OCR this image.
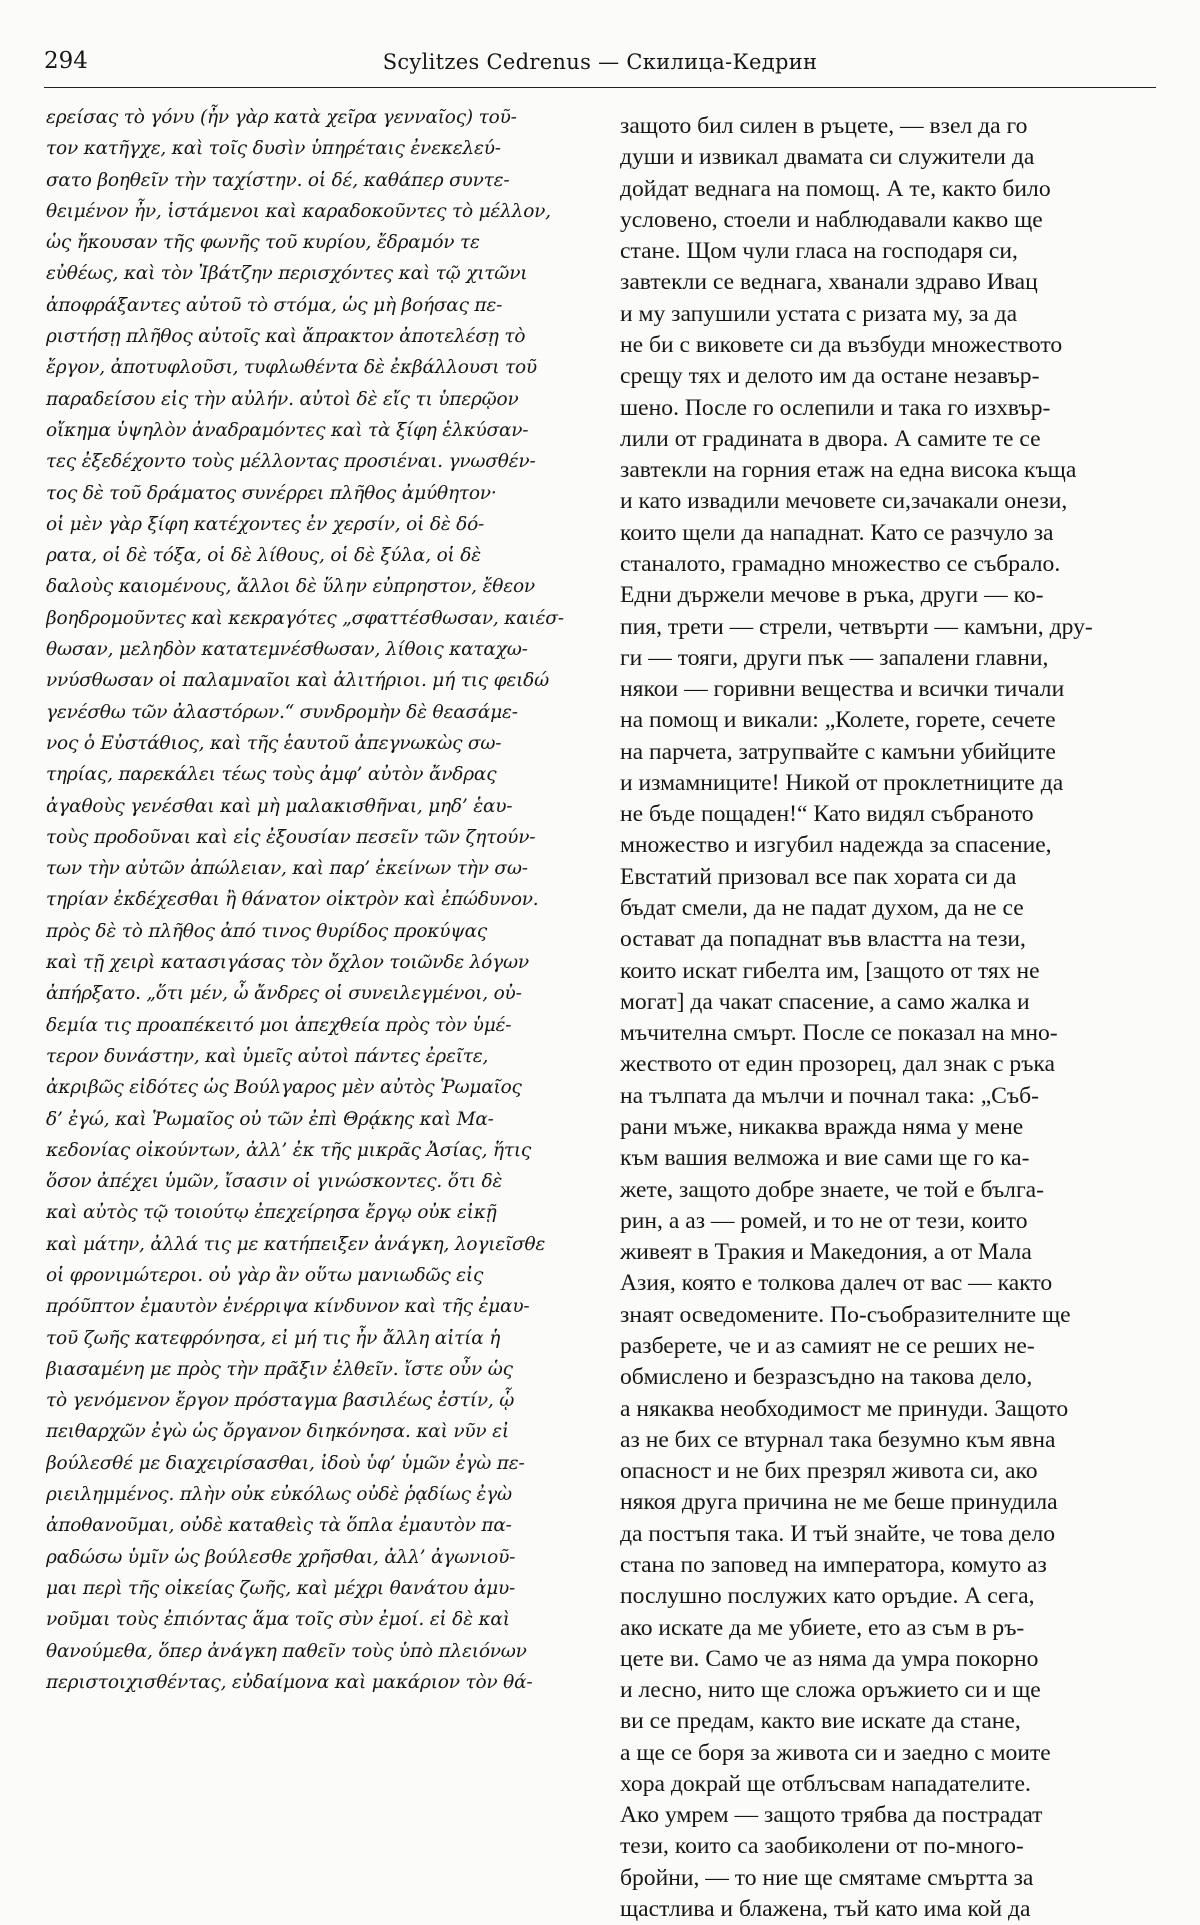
294	Scylitzes Cedrenus — Скилица-Кедрин
ερείσας τὸ γόνυ (ἦν γὰρ κατὰ χεῖρα γενναῖος) τοῦ-
τον κατῆγχε, καὶ τοῖς δυσὶν ὑπηρέταις ἐνεκελεύ-
σατο βοηθεῖν τὴν ταχίστην. οἱ δέ, καθάπερ συντε-
θειμένον ἦν, ἱστάμενοι καὶ καραδοκοῦντες τὸ μέλλον,
ὡς ἤκουσαν τῆς φωνῆς τοῦ κυρίου, ἔδραμόν τε
εὐθέως, καὶ τὸν Ἰβάτζην περισχόντες καὶ τῷ χιτῶνι
ἀποφράξαντες αὐτοῦ τὸ στόμα, ὡς μὴ βοήσας πε-
ριστήσῃ πλῆθος αὐτοῖς καὶ ἄπρακτον ἀποτελέσῃ τὸ
ἔργον, ἀποτυφλοῦσι, τυφλωθέντα δὲ ἐκβάλλουσι τοῦ
παραδείσου εἰς τὴν αὐλήν. αὐτοὶ δὲ εἴς τι ὑπερῷον
οἴκημα ὑψηλὸν ἀναδραμόντες καὶ τὰ ξίφη ἑλκύσαν-
τες ἐξεδέχοντο τοὺς μέλλοντας προσιέναι. γνωσθέν-
τος δὲ τοῦ δράματος συνέρρει πλῆθος ἀμύθητον·
οἱ μὲν γὰρ ξίφη κατέχοντες ἐν χερσίν, οἱ δὲ δό-
ρατα, οἱ δὲ τόξα, οἱ δὲ λίθους, οἱ δὲ ξύλα, οἱ δὲ
δαλοὺς καιομένους, ἄλλοι δὲ ὕλην εὐπρηστον, ἔθεον
βοηδρομοῦντες καὶ κεκραγότες „σφαττέσθωσαν, καιέσ-
θωσαν, μεληδὸν κατατεμνέσθωσαν, λίθοις καταχω-
ννύσθωσαν οἱ παλαμναῖοι καὶ ἀλιτήριοι. μή τις φειδώ
γενέσθω τῶν ἀλαστόρων.“ συνδρομὴν δὲ θεασάμε-
νος ὁ Εὐστάθιος, καὶ τῆς ἑαυτοῦ ἀπεγνωκὼς σω-
τηρίας, παρεκάλει τέως τοὺς ἀμφ’ αὐτὸν ἄνδρας
ἀγαθοὺς γενέσθαι καὶ μὴ μαλακισθῆναι, μηδ’ ἑαυ-
τοὺς προδοῦναι καὶ εἰς ἐξουσίαν πεσεῖν τῶν ζητούν-
των τὴν αὐτῶν ἀπώλειαν, καὶ παρ’ ἐκείνων τὴν σω-
τηρίαν ἐκδέχεσθαι ἢ θάνατον οἰκτρὸν καὶ ἐπώδυνον.
πρὸς δὲ τὸ πλῆθος ἀπό τινος θυρίδος προκύψας
καὶ τῇ χειρὶ κατασιγάσας τὸν ὄχλον τοιῶνδε λόγων
ἀπήρξατο. „ὅτι μέν, ὦ ἄνδρες οἱ συνειλεγμένοι, οὐ-
δεμία τις προαπέκειτό μοι ἀπεχθεία πρὸς τὸν ὑμέ-
τερον δυνάστην, καὶ ὑμεῖς αὐτοὶ πάντες ἐρεῖτε,
ἀκριβῶς εἰδότες ὡς Βούλγαρος μὲν αὐτὸς Ῥωμαῖος
δ’ ἐγώ, καὶ Ῥωμαῖος οὐ τῶν ἐπὶ Θρᾴκης καὶ Μα-
κεδονίας οἰκούντων, ἀλλ’ ἐκ τῆς μικρᾶς Ἀσίας, ἥτις
ὅσον ἀπέχει ὑμῶν, ἴσασιν οἱ γινώσκοντες. ὅτι δὲ
καὶ αὐτὸς τῷ τοιούτῳ ἐπεχείρησα ἔργῳ οὐκ εἰκῇ
καὶ μάτην, ἀλλά τις με κατήπειξεν ἀνάγκη, λογιεῖσθε
οἱ φρονιμώτεροι. οὐ γὰρ ἂν οὕτω μανιωδῶς εἰς
πρόῦπτον ἐμαυτὸν ἐνέρριψα κίνδυνον καὶ τῆς ἐμαυ-
τοῦ ζωῆς κατεφρόνησα, εἰ μή τις ἦν ἄλλη αἰτία ἡ
βιασαμένη με πρὸς τὴν πρᾶξιν ἐλθεῖν. ἴστε οὖν ὡς
τὸ γενόμενον ἔργον πρόσταγμα βασιλέως ἐστίν, ᾧ
πειθαρχῶν ἐγὼ ὡς ὄργανον διηκόνησα. καὶ νῦν εἰ
βούλεσθέ με διαχειρίσασθαι, ἰδοὺ ὑφ’ ὑμῶν ἐγὼ πε-
ριειλημμένος. πλὴν οὐκ εὐκόλως οὐδὲ ῥᾳδίως ἐγὼ
ἀποθανοῦμαι, οὐδὲ καταθεὶς τὰ ὅπλα ἐμαυτὸν πα-
ραδώσω ὑμῖν ὡς βούλεσθε χρῆσθαι, ἀλλ’ ἀγωνιοῦ-
μαι περὶ τῆς οἰκείας ζωῆς, καὶ μέχρι θανάτου ἀμυ-
νοῦμαι τοὺς ἐπιόντας ἅμα τοῖς σὺν ἐμοί. εἰ δὲ καὶ
θανούμεθα, ὅπερ ἀνάγκη παθεῖν τοὺς ὑπὸ πλειόνων
περιστοιχισθέντας, εὐδαίμονα καὶ μακάριον τὸν θά-
защото бил силен в ръцете, — взел да го
души и извикал двамата си служители да
дойдат веднага на помощ. А те, както било
условено, стоели и наблюдавали какво ще
стане. Щом чули гласа на господаря си,
завтекли се веднага, хванали здраво Ивац
и му запушили устата с ризата му, за да
не би с виковете си да възбуди множеството
срещу тях и делото им да остане незавър-
шено. После го ослепили и така го изхвър-
лили от градината в двора. А самите те се
завтекли на горния етаж на една висока къща
и като извадили мечовете си,зачакали онези,
които щели да нападнат. Като се разчуло за
станалото, грамадно множество се събрало.
Едни държели мечове в ръка, други — ко-
пия, трети — стрели, четвърти — камъни, дру-
ги — тояги, други пък — запалени главни,
някои — горивни вещества и всички тичали
на помощ и викали: „Колете, горете, сечете
на парчета, затрупвайте с камъни убийците
и измамниците! Никой от проклетниците да
не бъде пощаден!“ Като видял събраното
множество и изгубил надежда за спасение,
Евстатий призовал все пак хората си да
бъдат смели, да не падат духом, да не се
остават да попаднат във властта на тези,
които искат гибелта им, [защото от тях не
могат] да чакат спасение, а само жалка и
мъчителна смърт. После се показал на мно-
жеството от един прозорец, дал знак с ръка
на тълпата да мълчи и почнал така: „Съб-
рани мъже, никаква вражда няма у мене
към вашия велможа и вие сами ще го ка-
жете, защото добре знаете, че той е бълга-
рин, а аз — ромей, и то не от тези, които
живеят в Тракия и Македония, а от Мала
Азия, която е толкова далеч от вас — както
знаят осведомените. По-съобразителните ще
разберете, че и аз самият не се реших не-
обмислено и безразсъдно на такова дело,
а някаква необходимост ме принуди. Защото
аз не бих се втурнал така безумно към явна
опасност и не бих презрял живота си, ако
някоя друга причина не ме беше принудила
да постъпя така. И тъй знайте, че това дело
стана по заповед на императора, комуто аз
послушно послужих като оръдие. А сега,
ако искате да ме убиете, ето аз съм в ръ-
цете ви. Само че аз няма да умра покорно
и лесно, нито ще сложа оръжието си и ще
ви се предам, както вие искате да стане,
а ще се боря за живота си и заедно с моите
хора докрай ще отблъсвам нападателите.
Ако умрем — защото трябва да пострадат
тези, които са заобиколени от по-много-
бройни, — то ние ще смятаме смъртта за
щастлива и блажена, тъй като има кой да
